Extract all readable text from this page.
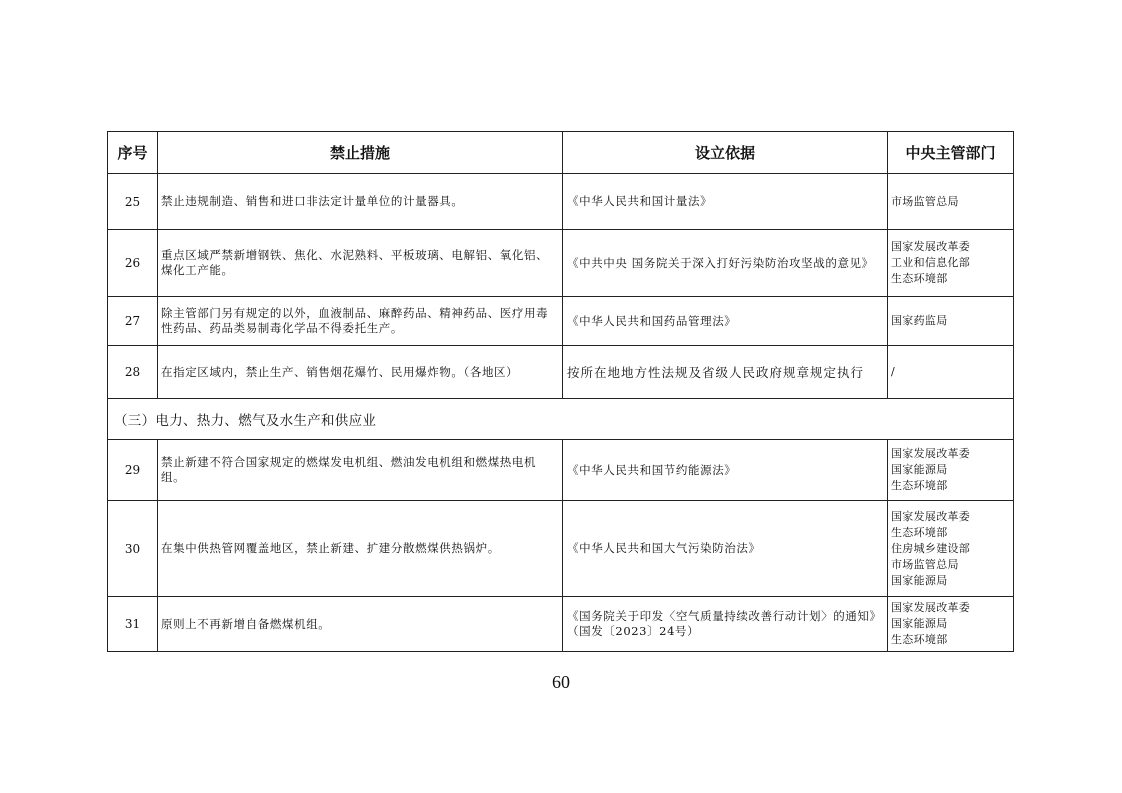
序号	禁止措施	设立依据	中央主管部门
25	禁止违规制造、销售和进口非法定计量单位的计量器具。	《中华人民共和国计量法》	市场监管总局

26	重点区域严禁新增钢铁、焦化、水泥熟料、平板玻璃、电解铝、氧化铝、煤化工产能。	《中共中央 国务院关于深入打好污染防治攻坚战的意见》	国家发展改革委
工业和信息化部
生态环境部

27	除主管部门另有规定的以外，血液制品、麻醉药品、精神药品、医疗用毒性药品、药品类易制毒化学品不得委托生产。	《中华人民共和国药品管理法》	国家药监局

28	在指定区域内，禁止生产、销售烟花爆竹、民用爆炸物。（各地区）	按所在地地方性法规及省级人民政府规章规定执行	/

（三）电力、热力、燃气及水生产和供应业			
29	禁止新建不符合国家规定的燃煤发电机组、燃油发电机组和燃煤热电机组。	《中华人民共和国节约能源法》	国家发展改革委
国家能源局
生态环境部

30	在集中供热管网覆盖地区，禁止新建、扩建分散燃煤供热锅炉。	《中华人民共和国大气污染防治法》	国家发展改革委
生态环境部
住房城乡建设部
市场监管总局
国家能源局

31	原则上不再新增自备燃煤机组。	《国务院关于印发〈空气质量持续改善行动计划〉的通知》（国发〔2023〕24号）	国家发展改革委
国家能源局
生态环境部
60
